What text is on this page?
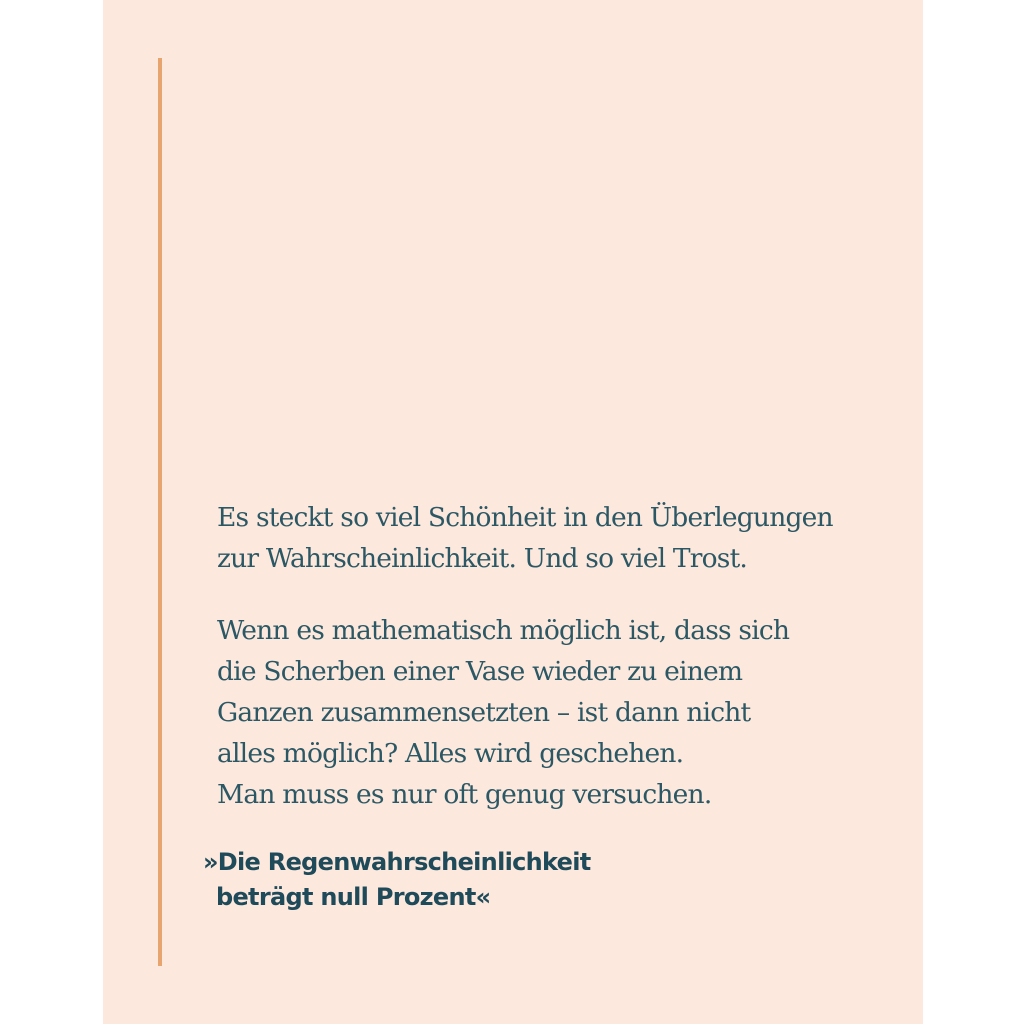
Es steckt so viel Schönheit in den Überlegungen
zur Wahrscheinlichkeit. Und so viel Trost.

Wenn es mathematisch möglich ist, dass sich
die Scherben einer Vase wieder zu einem
Ganzen zusammensetzten – ist dann nicht
alles möglich? Alles wird geschehen.
Man muss es nur oft genug versuchen.

»Die Regenwahrscheinlichkeit
beträgt null Prozent«
